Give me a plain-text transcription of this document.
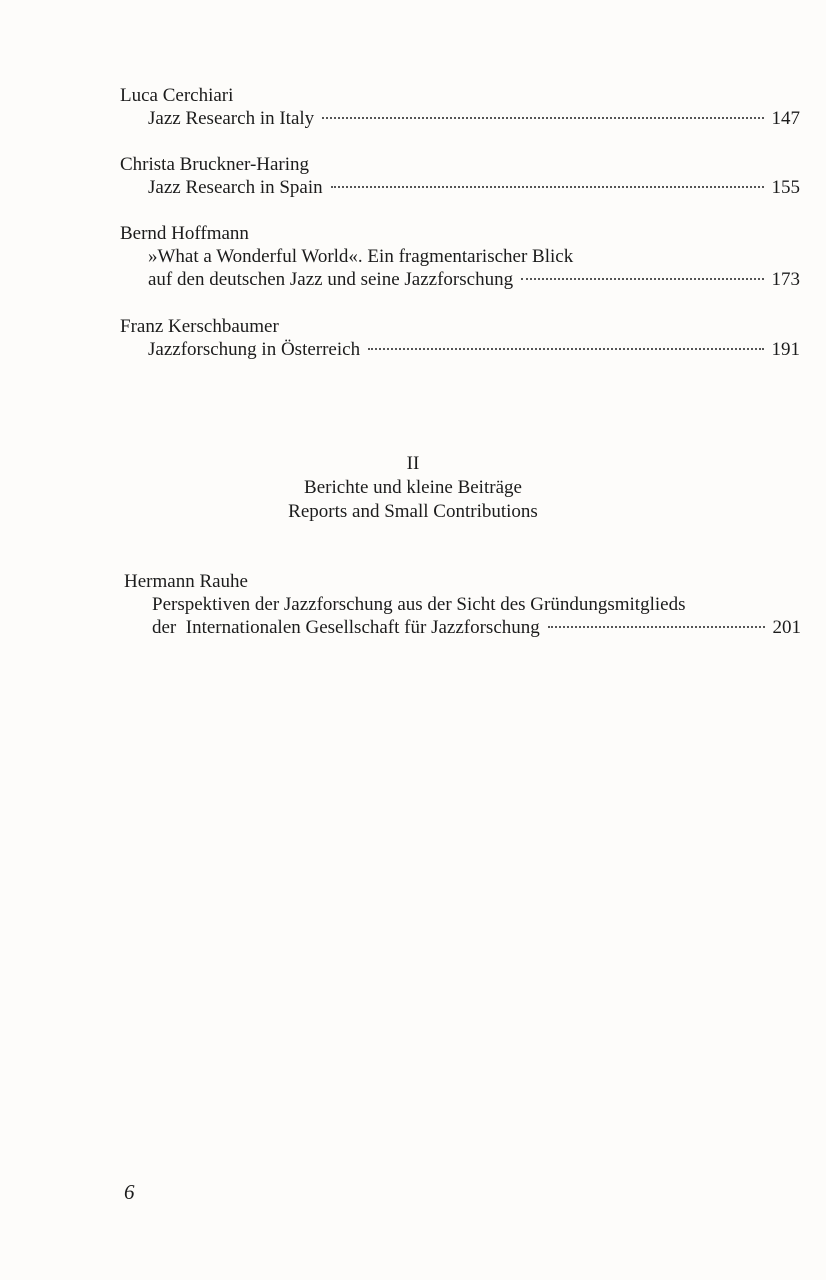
Luca Cerchiari

Jazz Research in Italy	147

Christa Bruckner-Haring

Jazz Research in Spain	155

Bernd Hoffmann

»What a Wonderful World«. Ein fragmentarischer Blick

auf den deutschen Jazz und seine Jazzforschung	173

Franz Kerschbaumer

Jazzforschung in Österreich	191
II
Berichte und kleine Beiträge
Reports and Small Contributions

Hermann Rauhe

Perspektiven der Jazzforschung aus der Sicht des Gründungsmitglieds

der  Internationalen Gesellschaft für Jazzforschung	201
6
